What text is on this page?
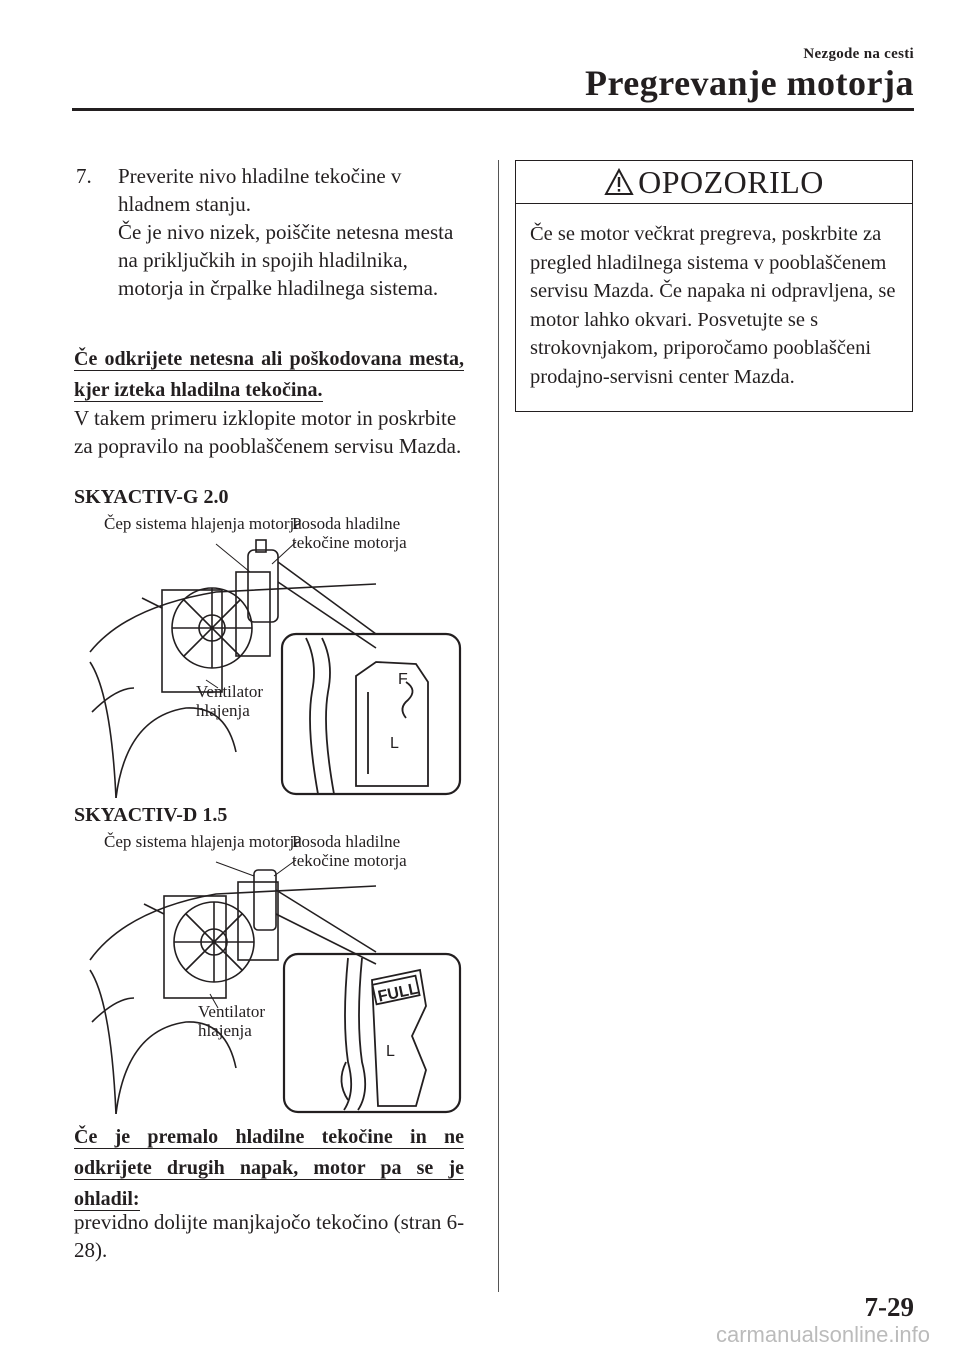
Nezgode na cesti
Pregrevanje motorja
7. Preverite nivo hladilne tekočine v hladnem stanju.

Če je nivo nizek, poiščite netesna mesta na priključkih in spojih hladilnika, motorja in črpalke hladilnega sistema.

Če odkrijete netesna ali poškodovana mesta, kjer izteka hladilna tekočina.
V takem primeru izklopite motor in poskrbite za popravilo na pooblaščenem servisu Mazda.
SKYACTIV-G 2.0
F
L
Čep sistema hlajenja motorja
Posoda hladilne tekočine motorja
Ventilator hlajenja
SKYACTIV-D 1.5
FULL
L
Čep sistema hlajenja motorja
Posoda hladilne tekočine motorja
Ventilator hlajenja
Če je premalo hladilne tekočine in ne odkrijete drugih napak, motor pa se je ohladil:
previdno dolijte manjkajočo tekočino (stran 6-28).
OPOZORILO
Če se motor večkrat pregreva, poskrbite za pregled hladilnega sistema v pooblaščenem servisu Mazda. Če napaka ni odpravljena, se motor lahko okvari. Posvetujte se s strokovnjakom, priporočamo pooblaščeni prodajno-servisni center Mazda.
7-29
carmanualsonline.info
